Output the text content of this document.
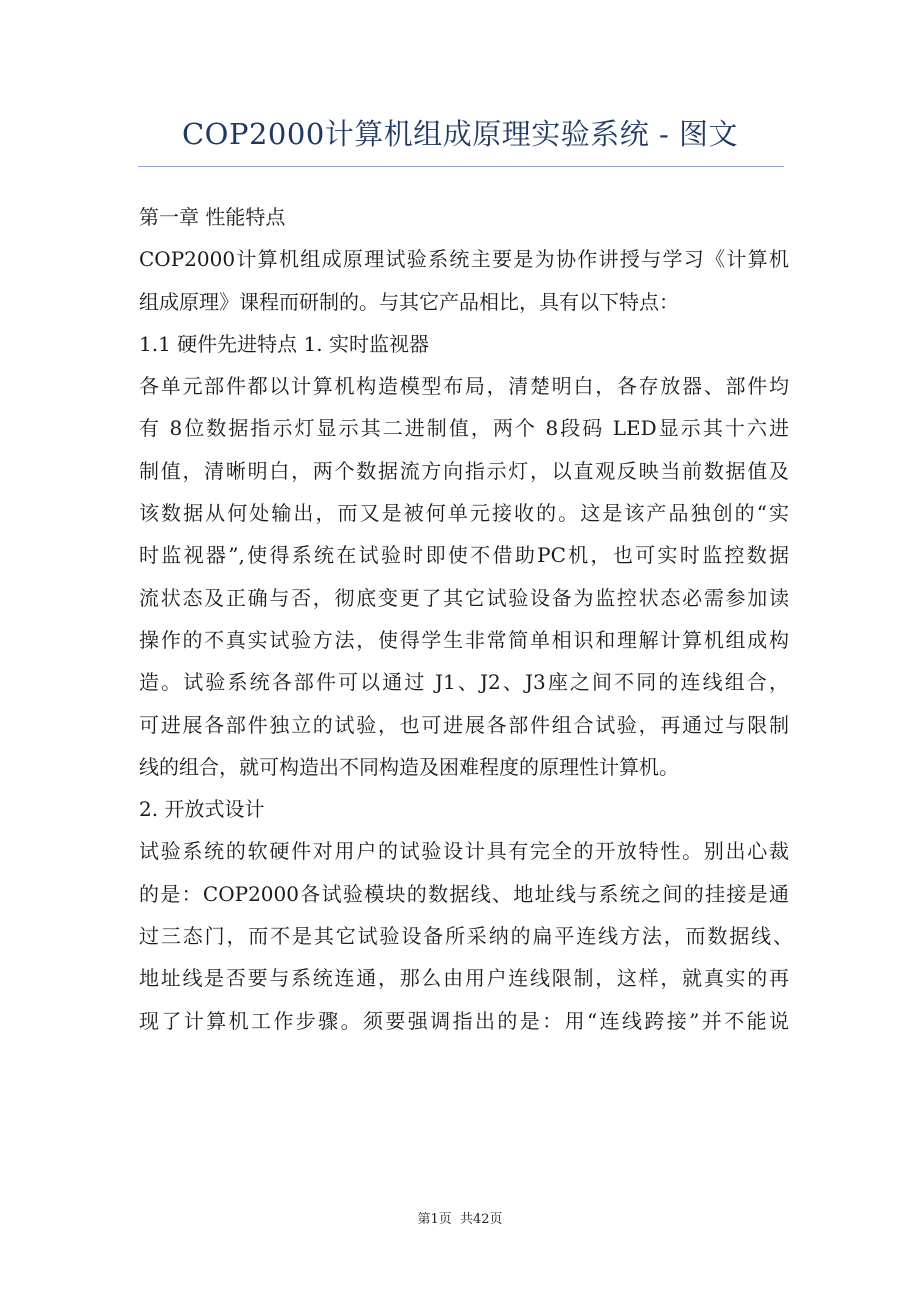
COP2000计算机组成原理实验系统 - 图文
第一章 性能特点
COP2000计算机组成原理试验系统主要是为协作讲授与学习《计算机
组成原理》课程而研制的。与其它产品相比，具有以下特点：
1.1 硬件先进特点 1. 实时监视器
各单元部件都以计算机构造模型布局，清楚明白，各存放器、部件均
有 8位数据指示灯显示其二进制值，两个 8段码 LED显示其十六进
制值，清晰明白，两个数据流方向指示灯，以直观反映当前数据值及
该数据从何处输出，而又是被何单元接收的。这是该产品独创的“实
时监视器”,使得系统在试验时即使不借助PC机，也可实时监控数据
流状态及正确与否，彻底变更了其它试验设备为监控状态必需参加读
操作的不真实试验方法，使得学生非常简单相识和理解计算机组成构
造。试验系统各部件可以通过 J1、J2、J3座之间不同的连线组合，
可进展各部件独立的试验，也可进展各部件组合试验，再通过与限制
线的组合，就可构造出不同构造及困难程度的原理性计算机。
2. 开放式设计
试验系统的软硬件对用户的试验设计具有完全的开放特性。别出心裁
的是：COP2000各试验模块的数据线、地址线与系统之间的挂接是通
过三态门，而不是其它试验设备所采纳的扁平连线方法，而数据线、
地址线是否要与系统连通，那么由用户连线限制，这样，就真实的再
现了计算机工作步骤。须要强调指出的是：用“连线跨接”并不能说
第1页 共42页
